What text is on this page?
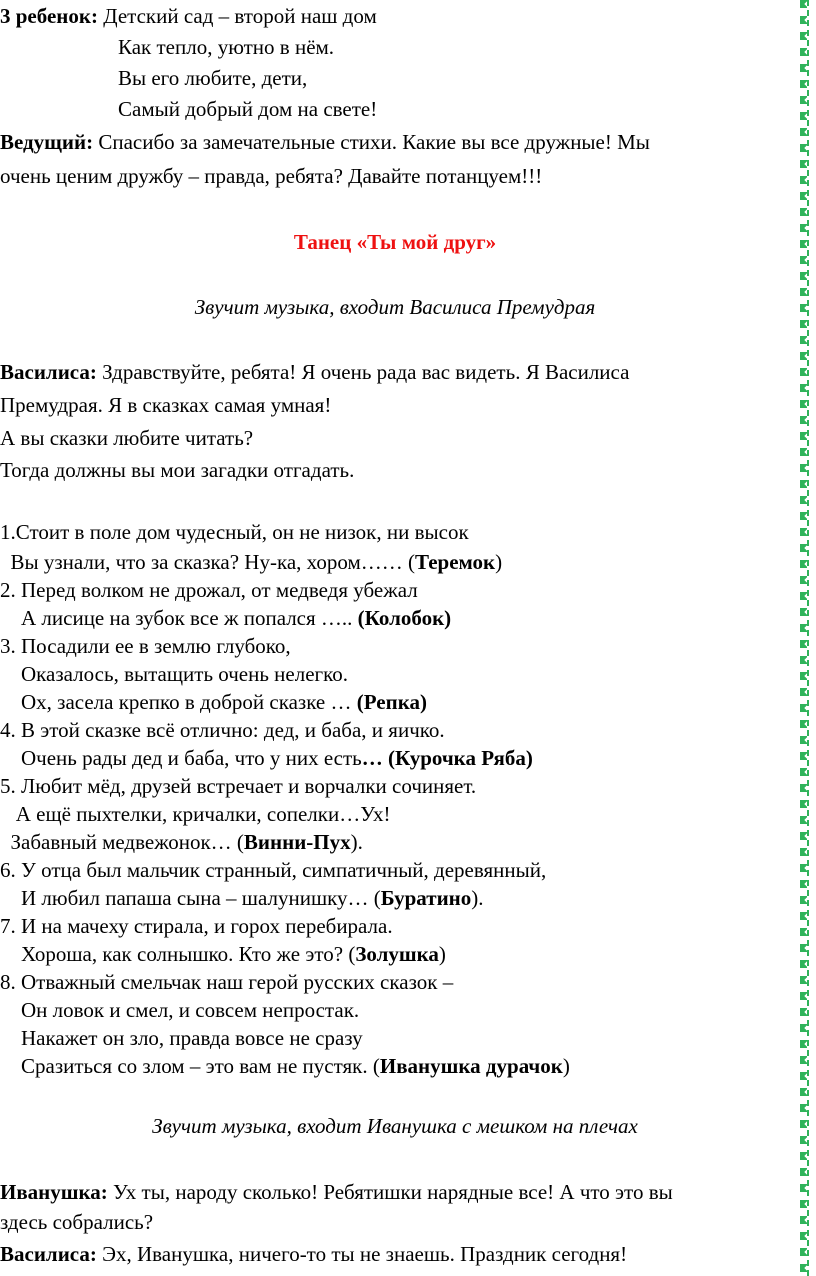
3 ребенок: Детский сад – второй наш дом
Как тепло, уютно в нём.
Вы его любите, дети,
Самый добрый дом на свете!
Ведущий: Спасибо за замечательные стихи. Какие вы все дружные! Мы
очень ценим дружбу – правда, ребята? Давайте потанцуем!!!
Танец «Ты мой друг»
Звучит музыка, входит Василиса Премудрая
Василиса: Здравствуйте, ребята! Я очень рада вас видеть. Я Василиса
Премудрая. Я в сказках самая умная!
А вы сказки любите читать?
Тогда должны вы мои загадки отгадать.
1.Стоит в поле дом чудесный, он не низок, ни высок
Вы узнали, что за сказка? Ну-ка, хором…… (Теремок)
2. Перед волком не дрожал, от медведя убежал
А лисице на зубок все ж попался ….. (Колобок)
3. Посадили ее в землю глубоко,
Оказалось, вытащить очень нелегко.
Ох, засела крепко в доброй сказке … (Репка)
4. В этой сказке всё отлично: дед, и баба, и яичко.
Очень рады дед и баба, что у них есть… (Курочка Ряба)
5. Любит мёд, друзей встречает и ворчалки сочиняет.
А ещё пыхтелки, кричалки, сопелки…Ух!
Забавный медвежонок… (Винни-Пух).
6. У отца был мальчик странный, симпатичный, деревянный,
И любил папаша сына – шалунишку… (Буратино).
7. И на мачеху стирала, и горох перебирала.
Хороша, как солнышко. Кто же это? (Золушка)
8. Отважный смельчак наш герой русских сказок –
Он ловок и смел, и совсем непростак.
Накажет он зло, правда вовсе не сразу
Сразиться со злом – это вам не пустяк. (Иванушка дурачок)
Звучит музыка, входит Иванушка с мешком на плечах
Иванушка: Ух ты, народу сколько! Ребятишки нарядные все! А что это вы
здесь собрались?
Василиса: Эх, Иванушка, ничего-то ты не знаешь. Праздник сегодня!
